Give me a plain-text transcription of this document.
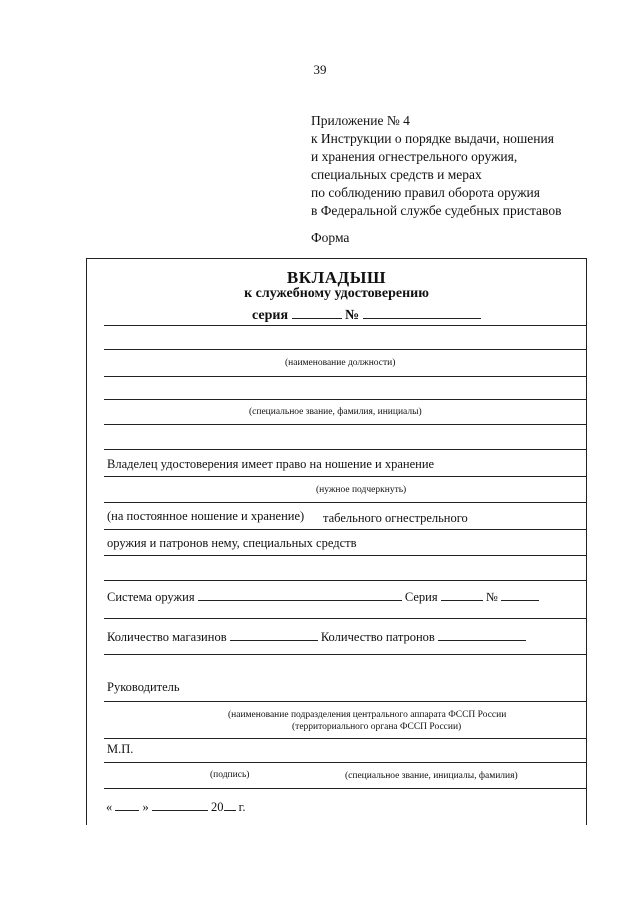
39
Приложение № 4
к Инструкции о порядке выдачи, ношения
и хранения огнестрельного оружия,
специальных средств и мерах
по соблюдению правил оборота оружия
в Федеральной службе судебных приставов
Форма
ВКЛАДЫШ
к служебному удостоверению
серия	№
(наименование должности)
(специальное звание, фамилия, инициалы)
Владелец удостоверения имеет право на ношение и хранение
(нужное подчеркнуть)
(на постоянное ношение и хранение) табельного огнестрельного
оружия и патронов нему, специальных средств
Система оружия	Серия	№
Количество магазинов	Количество патронов
Руководитель
(наименование подразделения центрального аппарата ФССП России
(территориального органа ФССП России)
М.П.
(подпись)	(специальное звание, инициалы, фамилия)
« »	20 г.
